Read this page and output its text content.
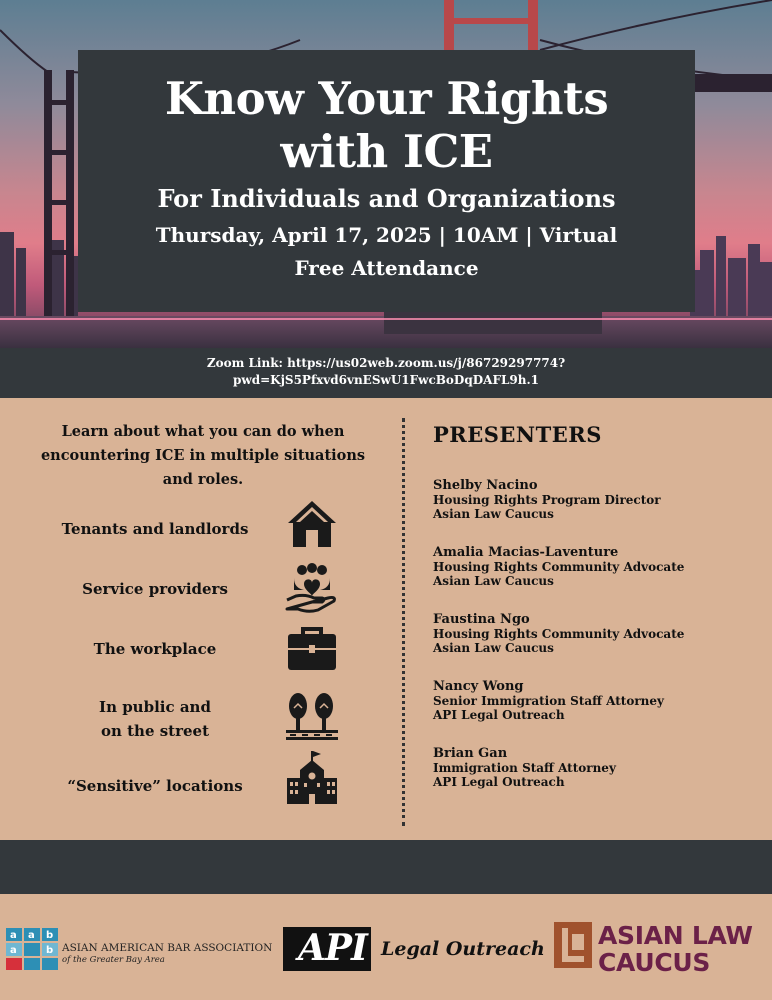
Know Your Rights
with ICE
For Individuals and Organizations
Thursday, April 17, 2025 | 10AM | Virtual
Free Attendance
Zoom Link: https://us02web.zoom.us/j/86729297774?
pwd=KjS5Pfxvd6vnESwU1FwcBoDqDAFL9h.1
Learn about what you can do when encountering ICE in multiple situations and roles.
Tenants and landlords
Service providers
The workplace
In public and
on the street
“Sensitive” locations
PRESENTERS
Shelby Nacino
Housing Rights Program Director
Asian Law Caucus
Amalia Macias-Laventure
Housing Rights Community Advocate
Asian Law Caucus
Faustina Ngo
Housing Rights Community Advocate
Asian Law Caucus
Nancy Wong
Senior Immigration Staff Attorney
API Legal Outreach
Brian Gan
Immigration Staff Attorney
API Legal Outreach
a a b
a	b ASIAN AMERICAN BAR ASSOCIATION
of the Greater Bay Area	API Legal Outreach ASIAN LAW
CAUCUS
